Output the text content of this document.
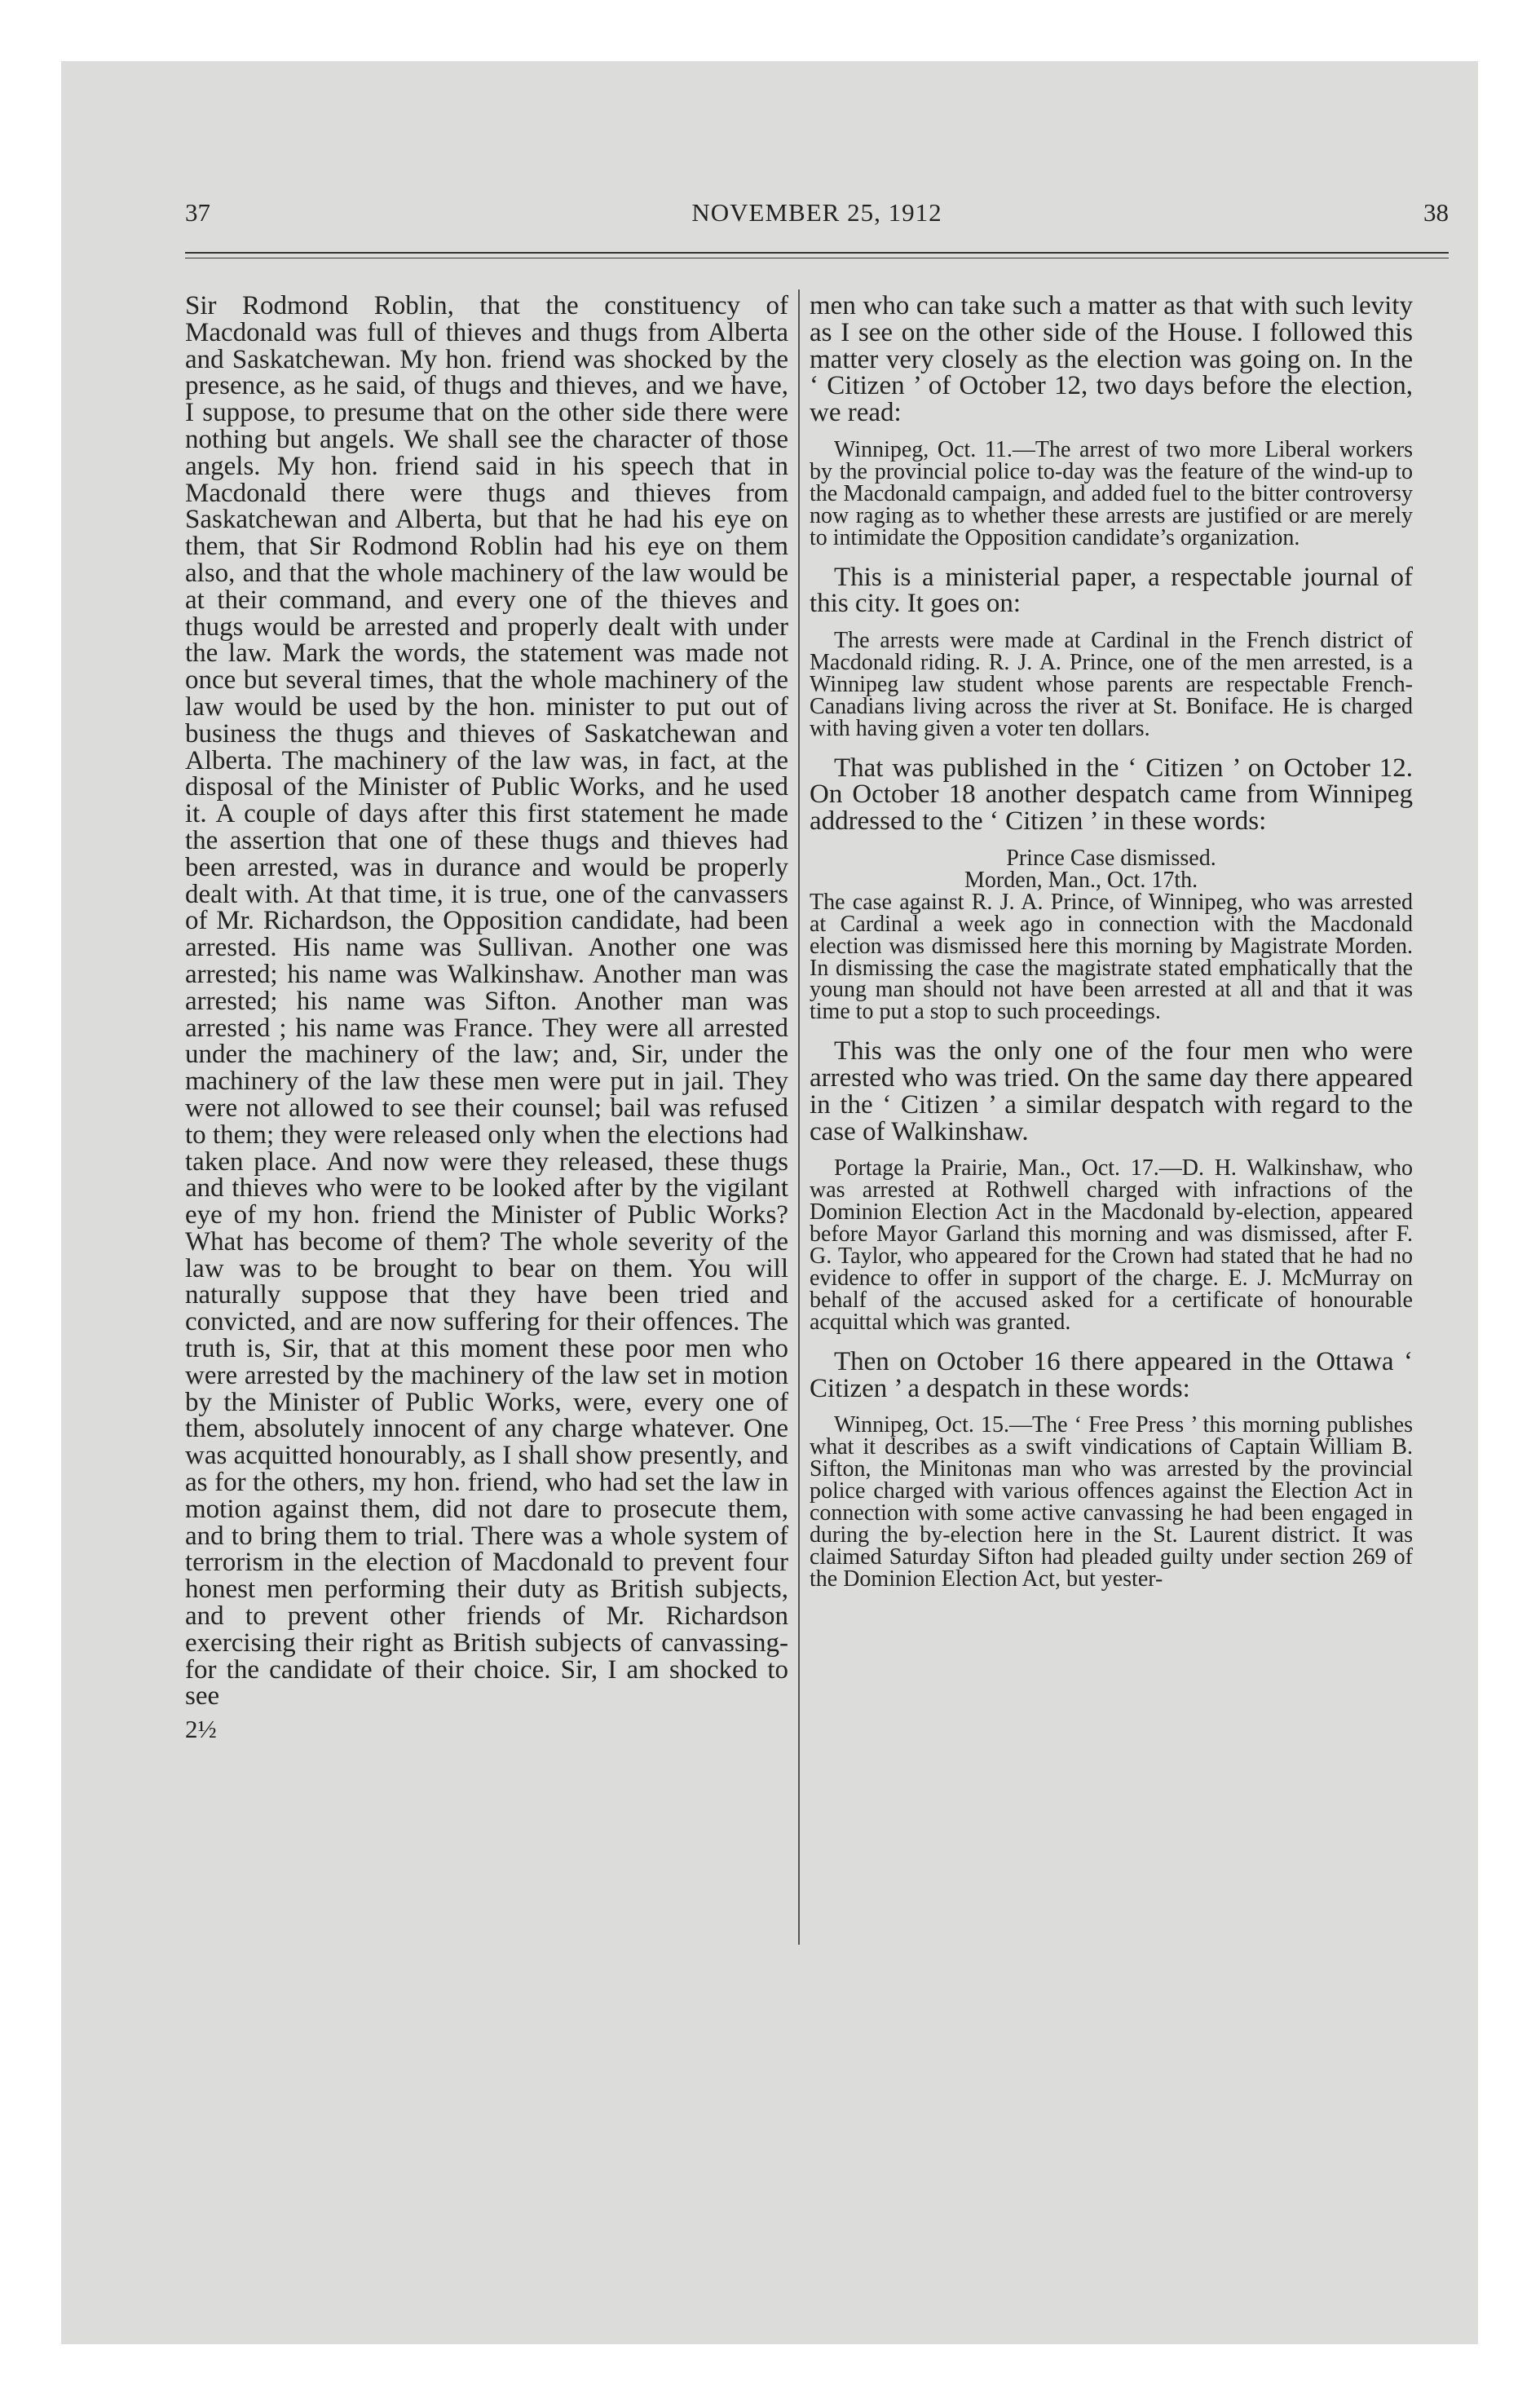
37	NOVEMBER 25, 1912	38

Sir Rodmond Roblin, that the constituency of Macdonald was full of thieves and thugs from Alberta and Saskatchewan. My hon. friend was shocked by the presence, as he said, of thugs and thieves, and we have, I suppose, to presume that on the other side there were nothing but angels. We shall see the character of those angels. My hon. friend said in his speech that in Macdonald there were thugs and thieves from Saskatchewan and Alberta, but that he had his eye on them, that Sir Rodmond Roblin had his eye on them also, and that the whole machinery of the law would be at their command, and every one of the thieves and thugs would be arrested and properly dealt with under the law. Mark the words, the statement was made not once but several times, that the whole machinery of the law would be used by the hon. minister to put out of business the thugs and thieves of Saskatchewan and Alberta. The machinery of the law was, in fact, at the disposal of the Minister of Public Works, and he used it. A couple of days after this first statement he made the assertion that one of these thugs and thieves had been arrested, was in durance and would be properly dealt with. At that time, it is true, one of the canvassers of Mr. Richardson, the Opposition candidate, had been arrested. His name was Sullivan. Another one was arrested; his name was Walkinshaw. Another man was arrested; his name was Sifton. Another man was arrested ; his name was France. They were all arrested under the machinery of the law; and, Sir, under the machinery of the law these men were put in jail. They were not allowed to see their counsel; bail was refused to them; they were released only when the elections had taken place. And now were they released, these thugs and thieves who were to be looked after by the vigilant eye of my hon. friend the Minister of Public Works? What has become of them? The whole severity of the law was to be brought to bear on them. You will naturally suppose that they have been tried and convicted, and are now suffering for their offences. The truth is, Sir, that at this moment these poor men who were arrested by the machinery of the law set in motion by the Minister of Public Works, were, every one of them, absolutely innocent of any charge whatever. One was acquitted honourably, as I shall show presently, and as for the others, my hon. friend, who had set the law in motion against them, did not dare to prosecute them, and to bring them to trial. There was a whole system of terrorism in the election of Macdonald to prevent four honest men performing their duty as British subjects, and to prevent other friends of Mr. Richardson exercising their right as British subjects of canvassing-for the candidate of their choice. Sir, I am shocked to see

2½

men who can take such a matter as that with such levity as I see on the other side of the House. I followed this matter very closely as the election was going on. In the ‘ Citizen ’ of October 12, two days before the election, we read:

Winnipeg, Oct. 11.—The arrest of two more Liberal workers by the provincial police to-day was the feature of the wind-up to the Macdonald campaign, and added fuel to the bitter controversy now raging as to whether these arrests are justified or are merely to intimidate the Opposition candidate’s organization.

This is a ministerial paper, a respectable journal of this city. It goes on:

The arrests were made at Cardinal in the French district of Macdonald riding. R. J. A. Prince, one of the men arrested, is a Winnipeg law student whose parents are respectable French-Canadians living across the river at St. Boniface. He is charged with having given a voter ten dollars.

That was published in the ‘ Citizen ’ on October 12. On October 18 another despatch came from Winnipeg addressed to the ‘ Citizen ’ in these words:

Prince Case dismissed.
Morden, Man., Oct. 17th.
The case against R. J. A. Prince, of Winnipeg, who was arrested at Cardinal a week ago in connection with the Macdonald election was dismissed here this morning by Magistrate Morden. In dismissing the case the magistrate stated emphatically that the young man should not have been arrested at all and that it was time to put a stop to such proceedings.

This was the only one of the four men who were arrested who was tried. On the same day there appeared in the ‘ Citizen ’ a similar despatch with regard to the case of Walkinshaw.

Portage la Prairie, Man., Oct. 17.—D. H. Walkinshaw, who was arrested at Rothwell charged with infractions of the Dominion Election Act in the Macdonald by-election, appeared before Mayor Garland this morning and was dismissed, after F. G. Taylor, who appeared for the Crown had stated that he had no evidence to offer in support of the charge. E. J. McMurray on behalf of the accused asked for a certificate of honourable acquittal which was granted.

Then on October 16 there appeared in the Ottawa ‘ Citizen ’ a despatch in these words:

Winnipeg, Oct. 15.—The ‘ Free Press ’ this morning publishes what it describes as a swift vindications of Captain William B. Sifton, the Minitonas man who was arrested by the provincial police charged with various offences against the Election Act in connection with some active canvassing he had been engaged in during the by-election here in the St. Laurent district. It was claimed Saturday Sifton had pleaded guilty under section 269 of the Dominion Election Act, but yester-
